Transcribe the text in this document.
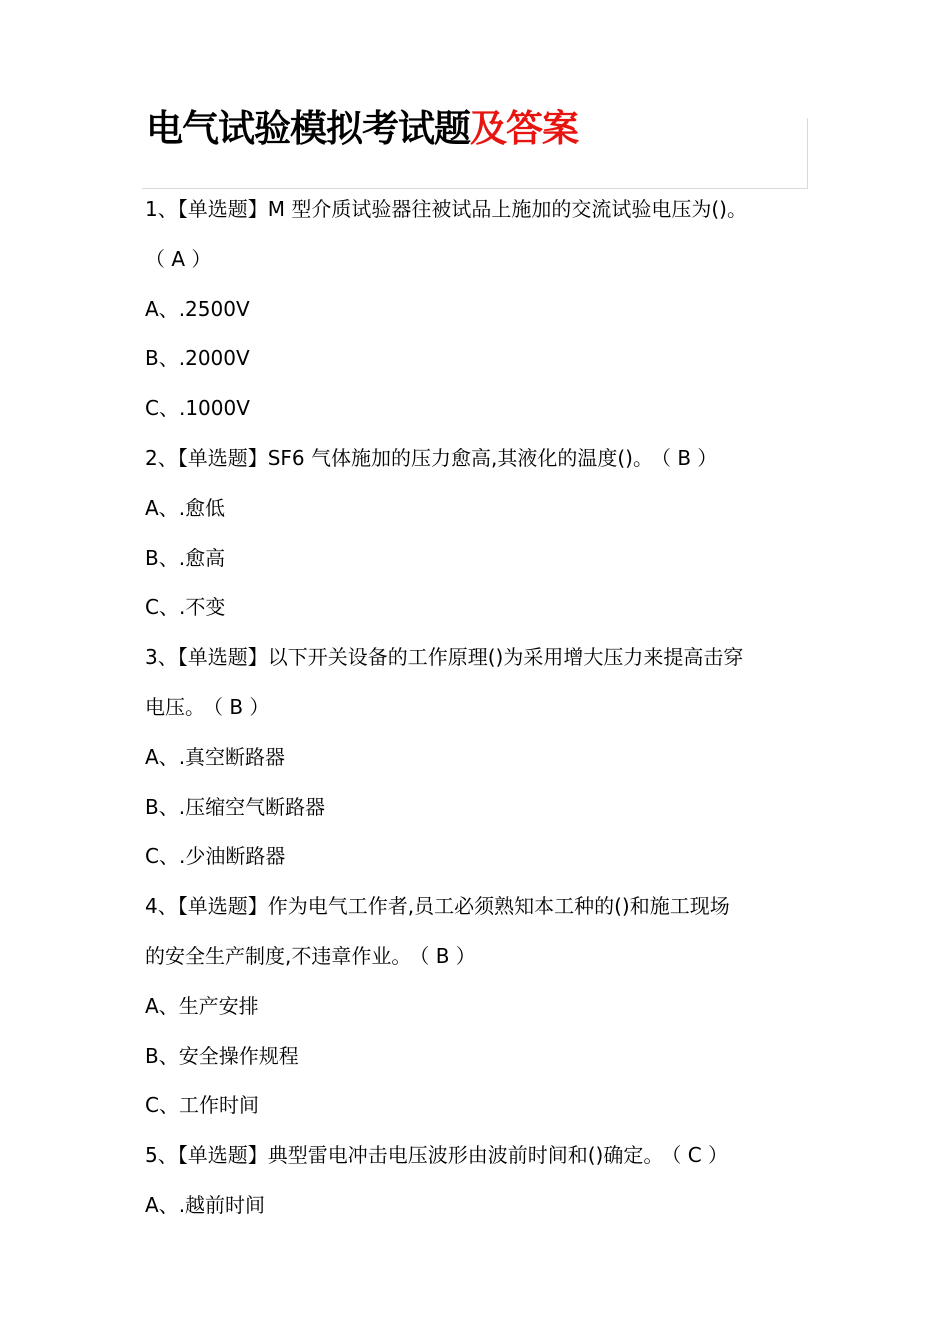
电气试验模拟考试题及答案
1、【单选题】M 型介质试验器往被试品上施加的交流试验电压为()。
（ A ）
A、.2500V
B、.2000V
C、.1000V
2、【单选题】SF6 气体施加的压力愈高,其液化的温度()。 （ B ）
A、.愈低
B、.愈高
C、.不变
3、【单选题】以下开关设备的工作原理()为采用增大压力来提高击穿
电压。 （ B ）
A、.真空断路器
B、.压缩空气断路器
C、.少油断路器
4、【单选题】作为电气工作者,员工必须熟知本工种的()和施工现场
的安全生产制度,不违章作业。 （ B ）
A、生产安排
B、安全操作规程
C、工作时间
5、【单选题】典型雷电冲击电压波形由波前时间和()确定。 （ C ）
A、.越前时间
